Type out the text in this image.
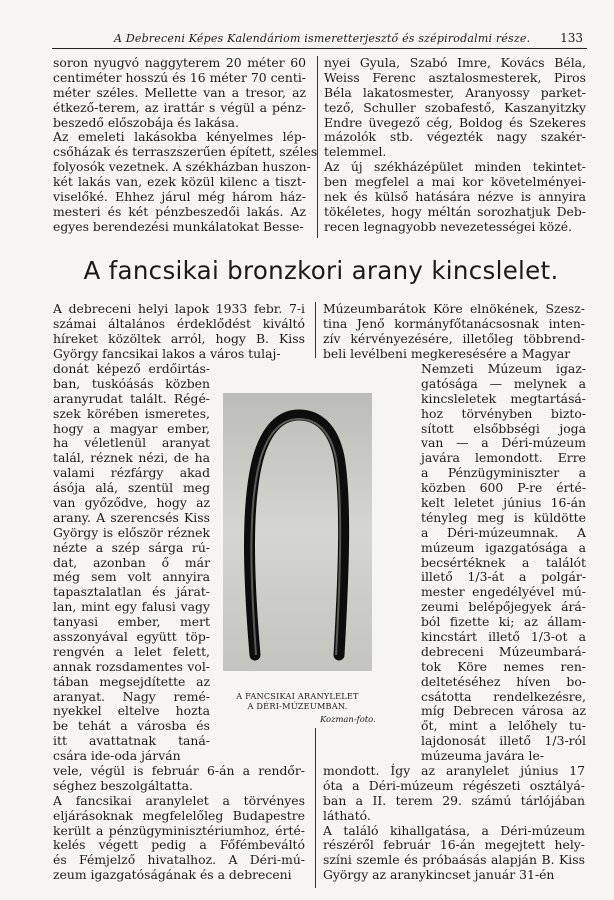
A Debreceni Képes Kalendáriom ismeretterjesztő és szépirodalmi része. 133
soron nyugvó naggyterem 20 méter 60
centiméter hosszú és 16 méter 70 centi-
méter széles. Mellette van a tresor, az
étkező-terem, az irattár s végül a pénz-
beszedő előszobája és lakása.
Az emeleti lakásokba kényelmes lép-
csőházak és terraszszerűen épített, széles
folyosók vezetnek. A székházban huszon-
két lakás van, ezek közül kilenc a tiszt-
viselőké. Ehhez járul még három ház-
mesteri és két pénzbeszedői lakás. Az
egyes berendezési munkálatokat Besse-
nyei Gyula, Szabó Imre, Kovács Béla,
Weiss Ferenc asztalosmesterek, Piros
Béla lakatosmester, Aranyossy parket-
tező, Schuller szobafestő, Kaszanyitzky
Endre üvegező cég, Boldog és Szekeres
mázolók stb. végezték nagy szakér-
telemmel.
Az új székházépület minden tekintet-
ben megfelel a mai kor követelményei-
nek és külső hatására nézve is annyira
tökéletes, hogy méltán sorozhatjuk Deb-
recen legnagyobb nevezetességei közé.
A fancsikai bronzkori arany kincslelet.
A debreceni helyi lapok 1933 febr. 7-i
számai általános érdeklődést kiváltó
híreket közöltek arról, hogy B. Kiss
György fancsikai lakos a város tulaj-
donát képező erdőirtás-
ban, tuskóásás közben
aranyrudat talált. Régé-
szek körében ismeretes,
hogy a magyar ember,
ha véletlenül aranyat
talál, réznek nézi, de ha
valami rézfárgy akad
ásója alá, szentül meg
van győződve, hogy az
arany. A szerencsés Kiss
György is először réznek
nézte a szép sárga rú-
dat, azonban ő már
még sem volt annyira
tapasztalatlan és járat-
lan, mint egy falusi vagy
tanyasi ember, mert
asszonyával együtt töp-
rengvén a lelet felett,
annak rozsdamentes vol-
tában megsejdítette az
aranyat. Nagy remé-
nyekkel eltelve hozta
be tehát a városba és
itt avattatnak taná-
csára ide-oda járván
vele, végül is február 6-án a rendőr-
séghez beszolgáltatta.
A fancsikai aranylelet a törvényes
eljárásoknak megfelelőleg Budapestre
került a pénzügyminisztériumhoz, érté-
kelés végett pedig a Főfémbeváltó
és Fémjelző hivatalhoz. A Déri-mú-
zeum igazgatóságának és a debreceni
Múzeumbarátok Köre elnökének, Szesz-
tina Jenő kormányfőtanácsosnak inten-
zív kérvényezésére, illetőleg többrend-
beli levélbeni megkeresésére a Magyar
Nemzeti Múzeum igaz-
gatósága — melynek a
kincsleletek megtartásá-
hoz törvényben biztо-
sított elsőbbségi joga
van — a Déri-múzeum
javára lemondott. Erre
a Pénzügyminiszter a
közben 600 P-re érté-
kelt leletet június 16-án
tényleg meg is küldötte
a Déri-múzeumnak. A
múzeum igazgatósága a
becsértéknek a találót
illető 1/3-át a polgár-
mester engedélyével mú-
zeumi belépőjegyek árá-
ból fizette ki; az állam-
kincstárt illető 1/3-ot a
debreceni Múzeumbará-
tok Köre nemes ren-
deltetéséhez híven bo-
csátotta rendelkezésre,
míg Debrecen városa az
őt, mint a lelőhely tu-
lajdonosát illető 1/3-ról
múzeuma javára le-
mondott. Így az aranylelet június 17
óta a Déri-múzeum régészeti osztályá-
ban a II. terem 29. számú tárlójában
látható.
A találó kihallgatása, a Déri-múzeum
részéről február 16-án megejtett hely-
színi szemle és próbaásás alapján B. Kiss
György az aranykincset január 31-én
A FANCSIKAI ARANYLELET
A DÉRI-MÚZEUMBAN.
Kozman-foto.
